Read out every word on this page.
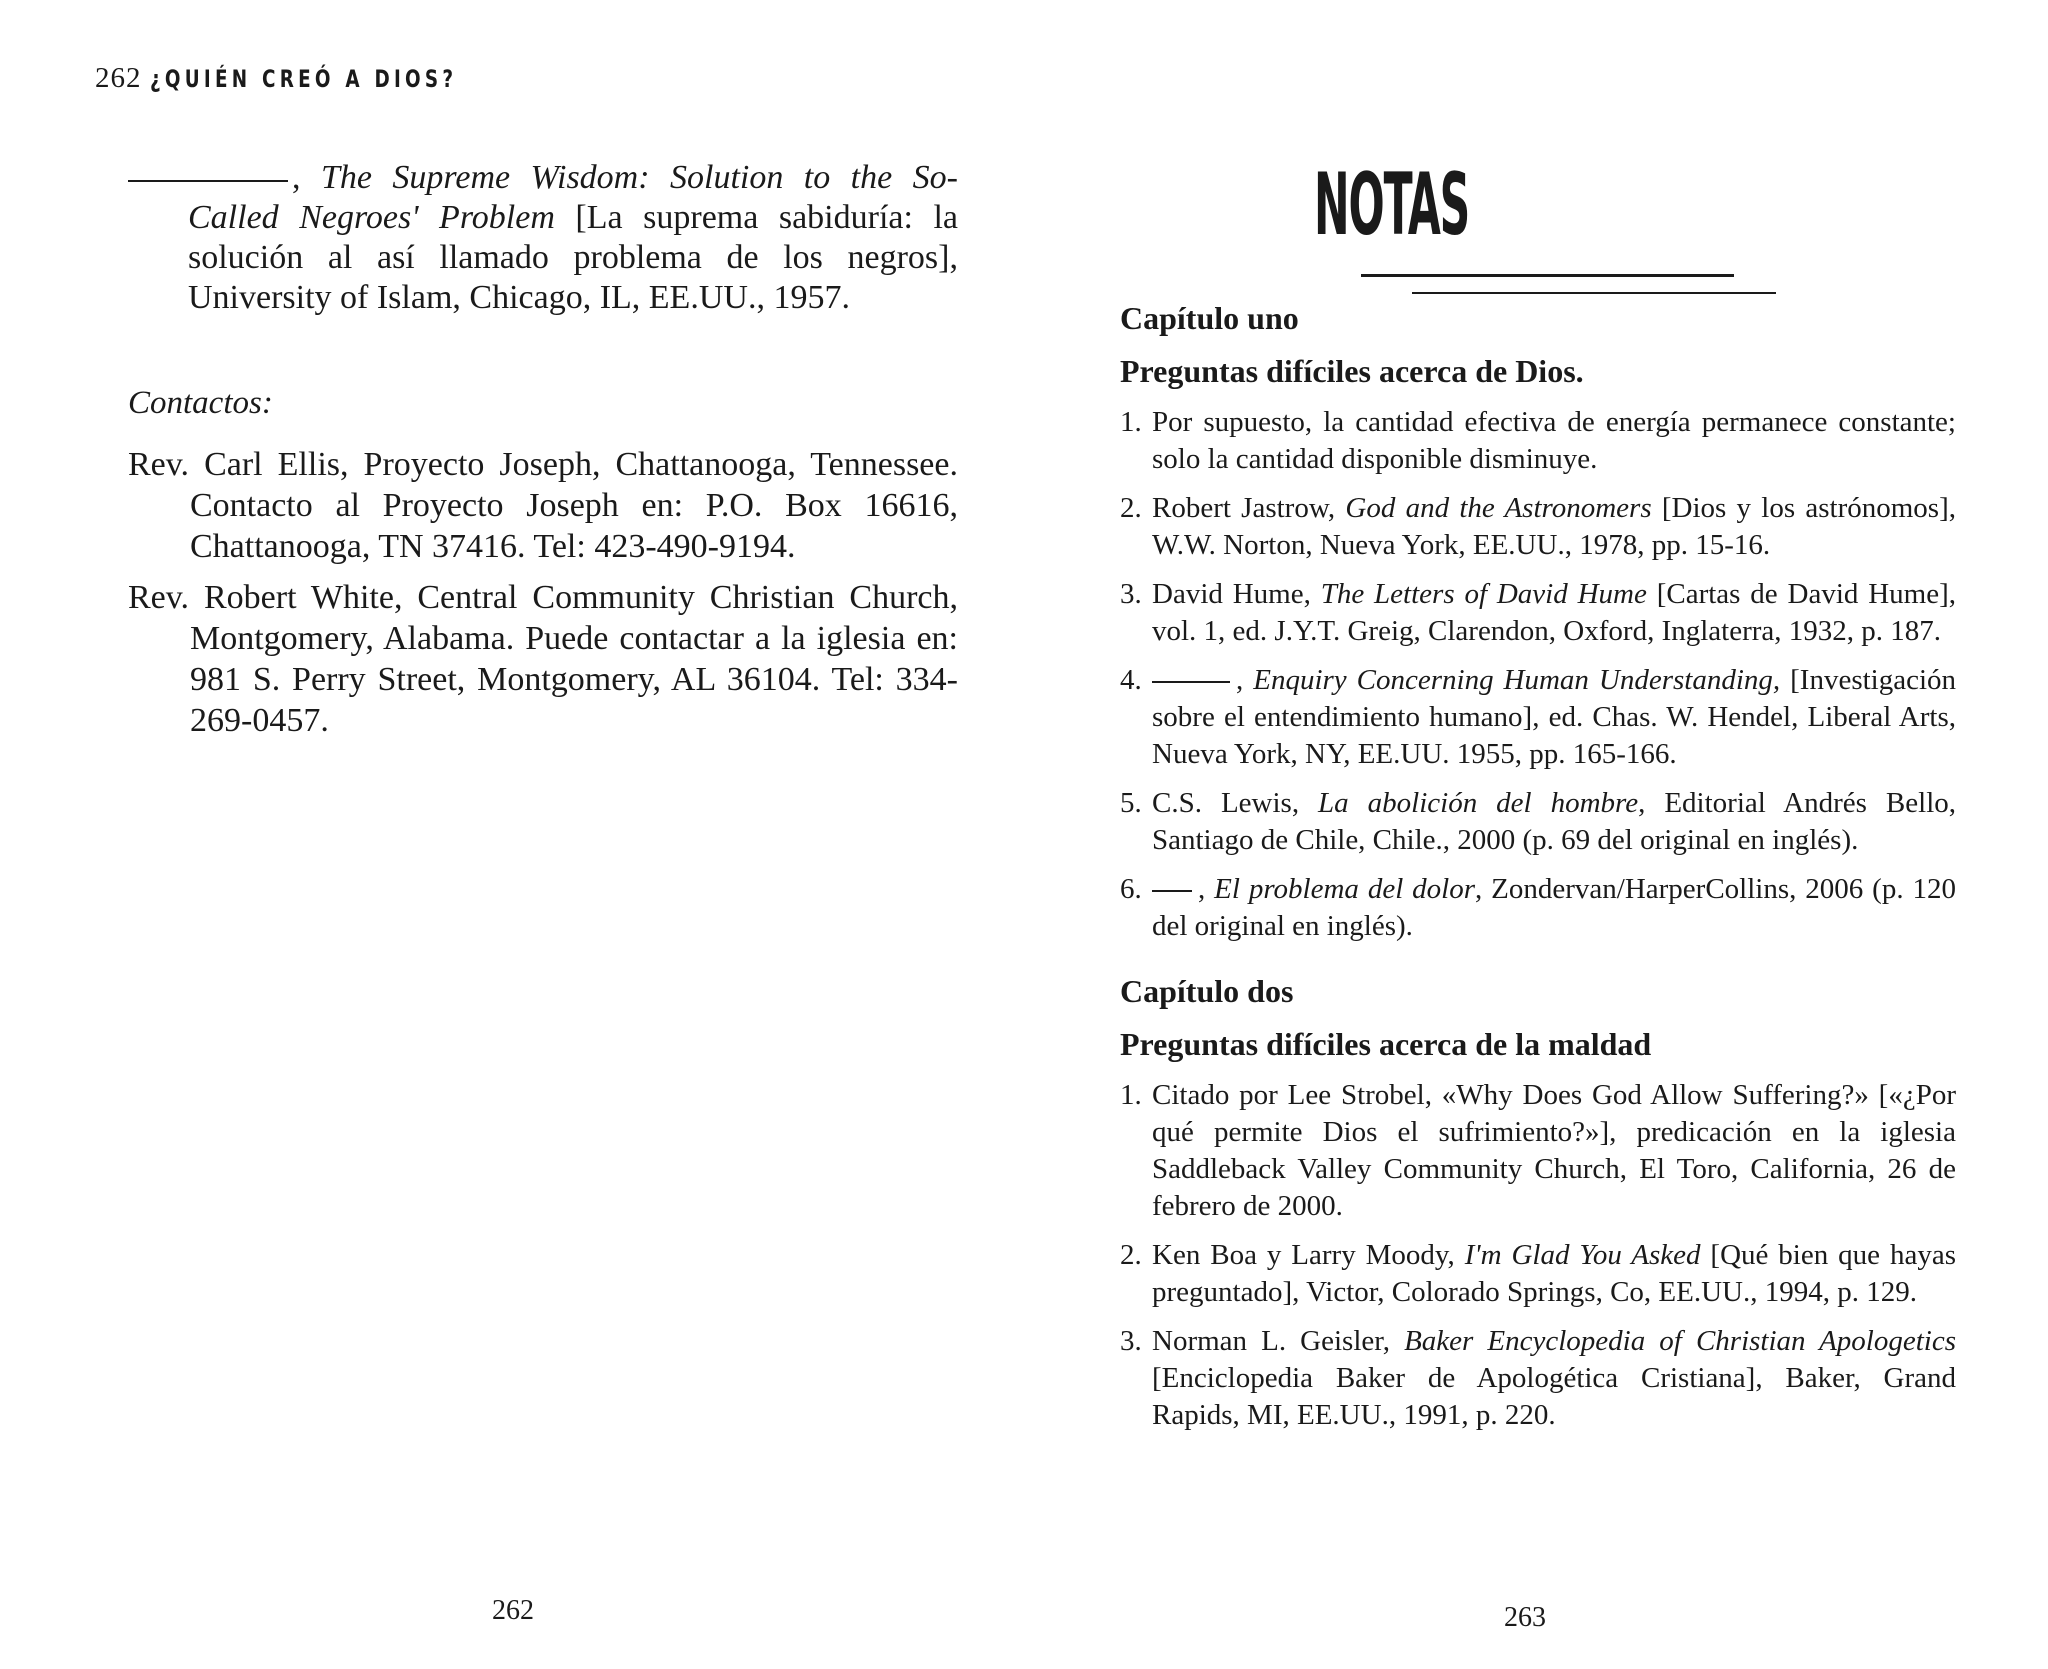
262 ¿QUIÉN CREÓ A DIOS?

, The Supreme Wisdom: Solution to the So-Called Negroes' Problem [La suprema sabiduría: la solución al así llamado problema de los negros], University of Islam, Chicago, IL, EE.UU., 1957.

Contactos:

Rev. Carl Ellis, Proyecto Joseph, Chattanooga, Tennessee. Contacto al Proyecto Joseph en: P.O. Box 16616, Chattanooga, TN 37416. Tel: 423-490-9194.

Rev. Robert White, Central Community Christian Church, Montgomery, Alabama. Puede contactar a la iglesia en: 981 S. Perry Street, Montgomery, AL 36104. Tel: 334-269-0457.

262
NOTAS
Capítulo uno
Preguntas difíciles acerca de Dios.
1. Por supuesto, la cantidad efectiva de energía permanece constante; solo la cantidad disponible disminuye.
2. Robert Jastrow, God and the Astronomers [Dios y los astrónomos], W.W. Norton, Nueva York, EE.UU., 1978, pp. 15-16.
3. David Hume, The Letters of David Hume [Cartas de David Hume], vol. 1, ed. J.Y.T. Greig, Clarendon, Oxford, Inglaterra, 1932, p. 187.
4.	, Enquiry Concerning Human Understanding, [Investigación sobre el entendimiento humano], ed. Chas. W. Hendel, Liberal Arts, Nueva York, NY, EE.UU. 1955, pp. 165-166.
5. C.S. Lewis, La abolición del hombre, Editorial Andrés Bello, Santiago de Chile, Chile., 2000 (p. 69 del original en inglés).
6. , El problema del dolor, Zondervan/HarperCollins, 2006 (p. 120 del original en inglés).
Capítulo dos
Preguntas difíciles acerca de la maldad
1. Citado por Lee Strobel, «Why Does God Allow Suffering?» [«¿Por qué permite Dios el sufrimiento?»], predicación en la iglesia Saddleback Valley Community Church, El Toro, California, 26 de febrero de 2000.
2. Ken Boa y Larry Moody, I'm Glad You Asked [Qué bien que hayas preguntado], Victor, Colorado Springs, Co, EE.UU., 1994, p. 129.
3. Norman L. Geisler, Baker Encyclopedia of Christian Apologetics [Enciclopedia Baker de Apologética Cristiana], Baker, Grand Rapids, MI, EE.UU., 1991, p. 220.
263
